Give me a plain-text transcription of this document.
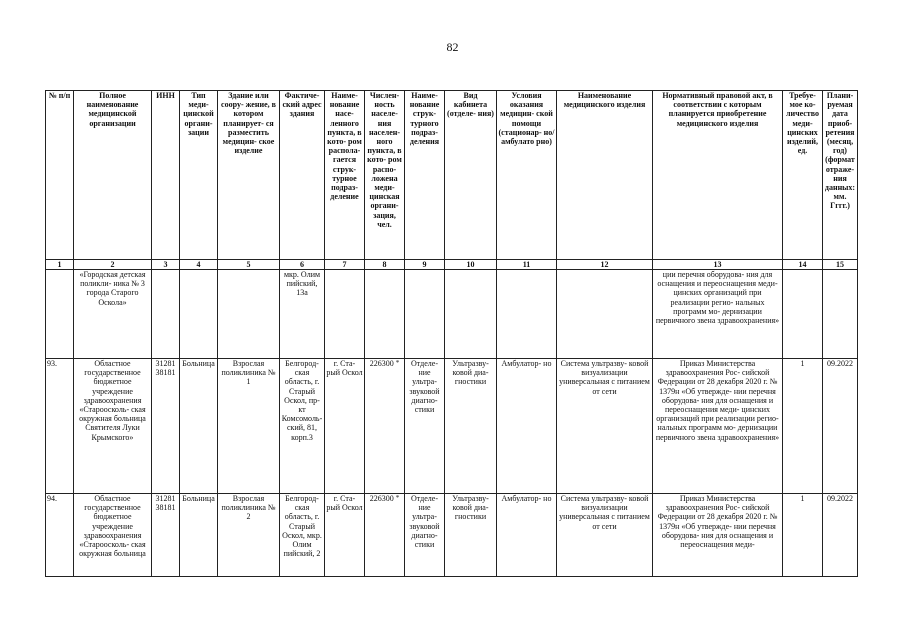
82
№ п/п	Полное наименование медицинской организации	ИНН	Тип меди- цинской органи- зации	Здание или соору- жение, в котором планирует- ся разместить медицин- ское изделие	Фактиче- ский адрес здания	Наиме- нование насе- ленного пункта, в кото- ром распола- гается струк- турное подраз- деление	Числен- ность населе- ния населен- ного пункта, в кото- ром распо- ложена меди- цинская органи- зация, чел.	Наиме- нование струк- турного подраз- деления	Вид кабинета (отделе- ния)	Условия оказания медицин- ской помощи (стационар- но/амбулато рно)	Наименование медицинского изделия	Нормативный правовой акт, в соответствии с которым планируется приобретение медицинского изделия	Требуе- мое ко- личество меди- цинских изделий, ед.	Плани- руемая дата приоб- ретения (месяц, год) (формат отраже- ния данных: мм. Гггг.)
1	2	3	4	5	6	7	8	9	10	11	12	13	14	15
	«Городская детская поликли- ника № 3 города Старого Оскола»				мкр. Олим пийский, 13а							ции перечня оборудова- ния для оснащения и переоснащения меди- цинских организаций при реализации регио- нальных программ мо- дернизации первичного звена здравоохранения»		
93.	Областное государственное бюджетное учреждение здравоохранения «Староосколь- ская окружная больница Святителя Луки Крымского»	31281 38181	Больница	Взрослая поликлиника № 1	Белгород- ская область, г. Старый Оскол, пр-кт Комсомоль- ский, 81, корп.3	г. Ста- рый Оскол	226300 *	Отделе- ние ультра- звуковой диагно- стики	Ультразву- ковой диа- гностики	Амбулатор- но	Система ультразву- ковой визуализации универсальная с питанием от сети	Приказ Министерства здравоохранения Рос- сийской Федерации от 28 декабря 2020 г. № 1379н «Об утвержде- нии перечня оборудова- ния для оснащения и переоснащения меди- цинских организаций при реализации регио- нальных программ мо- дернизации первичного звена здравоохранения»	1	09.2022
94.	Областное государственное бюджетное учреждение здравоохранения «Староосколь- ская окружная больница	31281 38181	Больница	Взрослая поликлиника № 2	Белгород- ская область, г. Старый Оскол, мкр. Олим пийский, 2	г. Ста- рый Оскол	226300 *	Отделе- ние ультра- звуковой диагно- стики	Ультразву- ковой диа- гностики	Амбулатор- но	Система ультразву- ковой визуализации универсальная с питанием от сети	Приказ Министерства здравоохранения Рос- сийской Федерации от 28 декабря 2020 г. № 1379н «Об утвержде- нии перечня оборудова- ния для оснащения и переоснащения меди-	1	09.2022
